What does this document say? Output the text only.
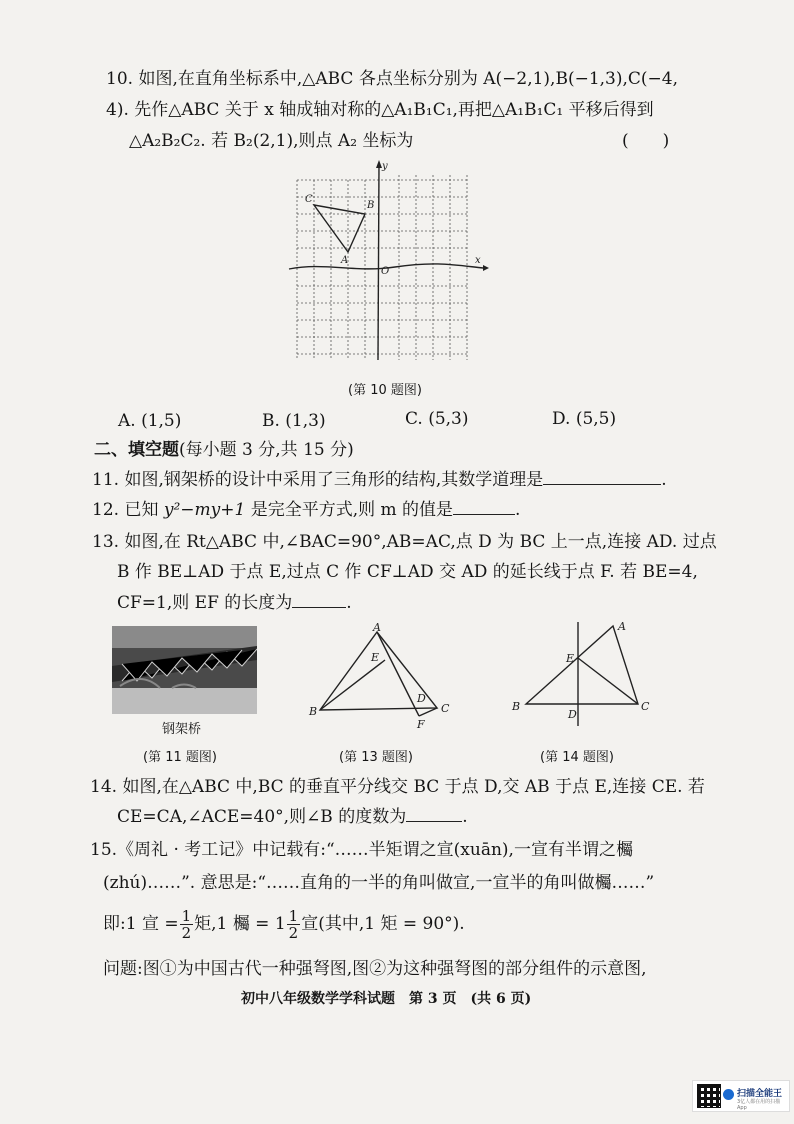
10. 如图,在直角坐标系中,△ABC 各点坐标分别为 A(−2,1),B(−1,3),C(−4,
4). 先作△ABC 关于 x 轴成轴对称的△A₁B₁C₁,再把△A₁B₁C₁ 平移后得到
△A₂B₂C₂. 若 B₂(2,1),则点 A₂ 坐标为	(　　)
y
x
O
C
B
A
(第 10 题图)
A. (1,5)	B. (1,3)	C. (5,3)	D. (5,5)
二、填空题(每小题 3 分,共 15 分)
11. 如图,钢架桥的设计中采用了三角形的结构,其数学道理是	.
12. 已知 y²−my+1 是完全平方式,则 m 的值是	.
13. 如图,在 Rt△ABC 中,∠BAC=90°,AB=AC,点 D 为 BC 上一点,连接 AD. 过点
B 作 BE⊥AD 于点 E,过点 C 作 CF⊥AD 交 AD 的延长线于点 F. 若 BE=4,
CF=1,则 EF 的长度为	.
钢架桥
(第 11 题图)
A
B	C
D
E
F
(第 13 题图)
A
B	C
D
E
(第 14 题图)
14. 如图,在△ABC 中,BC 的垂直平分线交 BC 于点 D,交 AB 于点 E,连接 CE. 若
CE=CA,∠ACE=40°,则∠B 的度数为	.
15.《周礼 · 考工记》中记载有:“……半矩谓之宣(xuān),一宣有半谓之欘
(zhú)……”. 意思是:“……直角的一半的角叫做宣,一宣半的角叫做欘……”
即:1 宣 = $\frac{1}{2}$ 矩,1 欘 = $1 \frac{1}{2}$ 宣(其中,1 矩 = 90°).
问题:图①为中国古代一种强弩图,图②为这种强弩图的部分组件的示意图,
初中八年级数学学科试题　第 3 页　(共 6 页)
扫描全能王
3亿人都在用的扫描App
